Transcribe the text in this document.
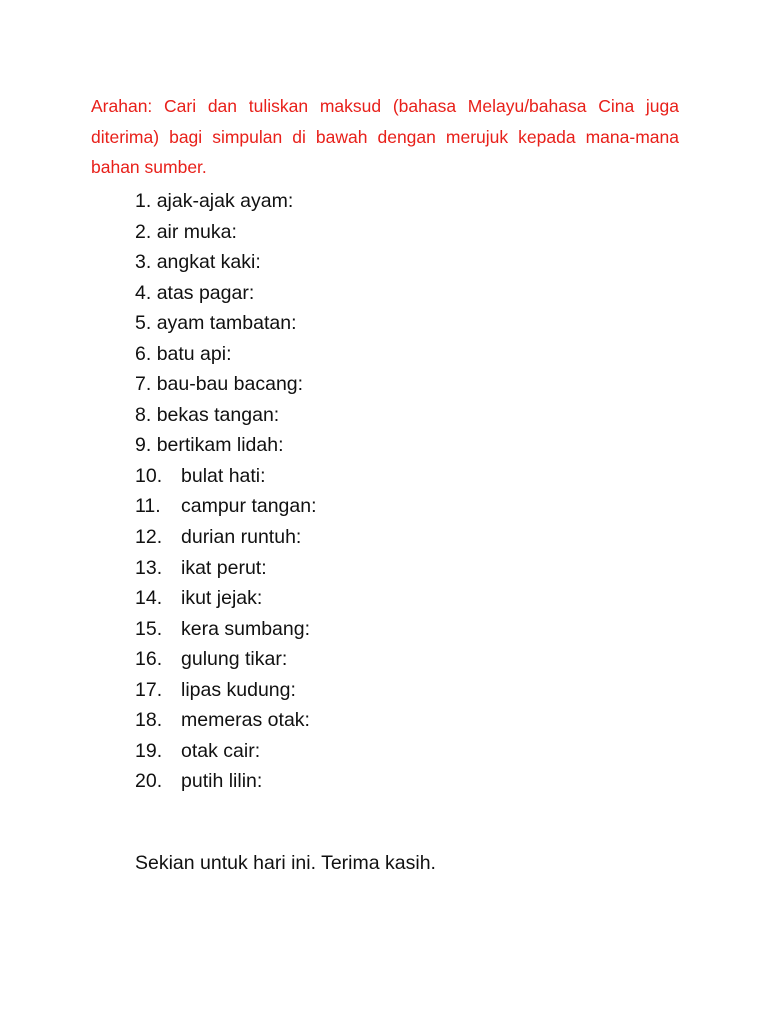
Arahan: Cari dan tuliskan maksud (bahasa Melayu/bahasa Cina juga diterima) bagi simpulan di bawah dengan merujuk kepada mana-mana bahan sumber.

1. ajak-ajak ayam:
2. air muka:
3. angkat kaki:
4. atas pagar:
5. ayam tambatan:
6. batu api:
7. bau-bau bacang:
8. bekas tangan:
9. bertikam lidah:
10. bulat hati:
11. campur tangan:
12. durian runtuh:
13. ikat perut:
14. ikut jejak:
15. kera sumbang:
16. gulung tikar:
17. lipas kudung:
18. memeras otak:
19. otak cair:
20. putih lilin:

Sekian untuk hari ini. Terima kasih.
